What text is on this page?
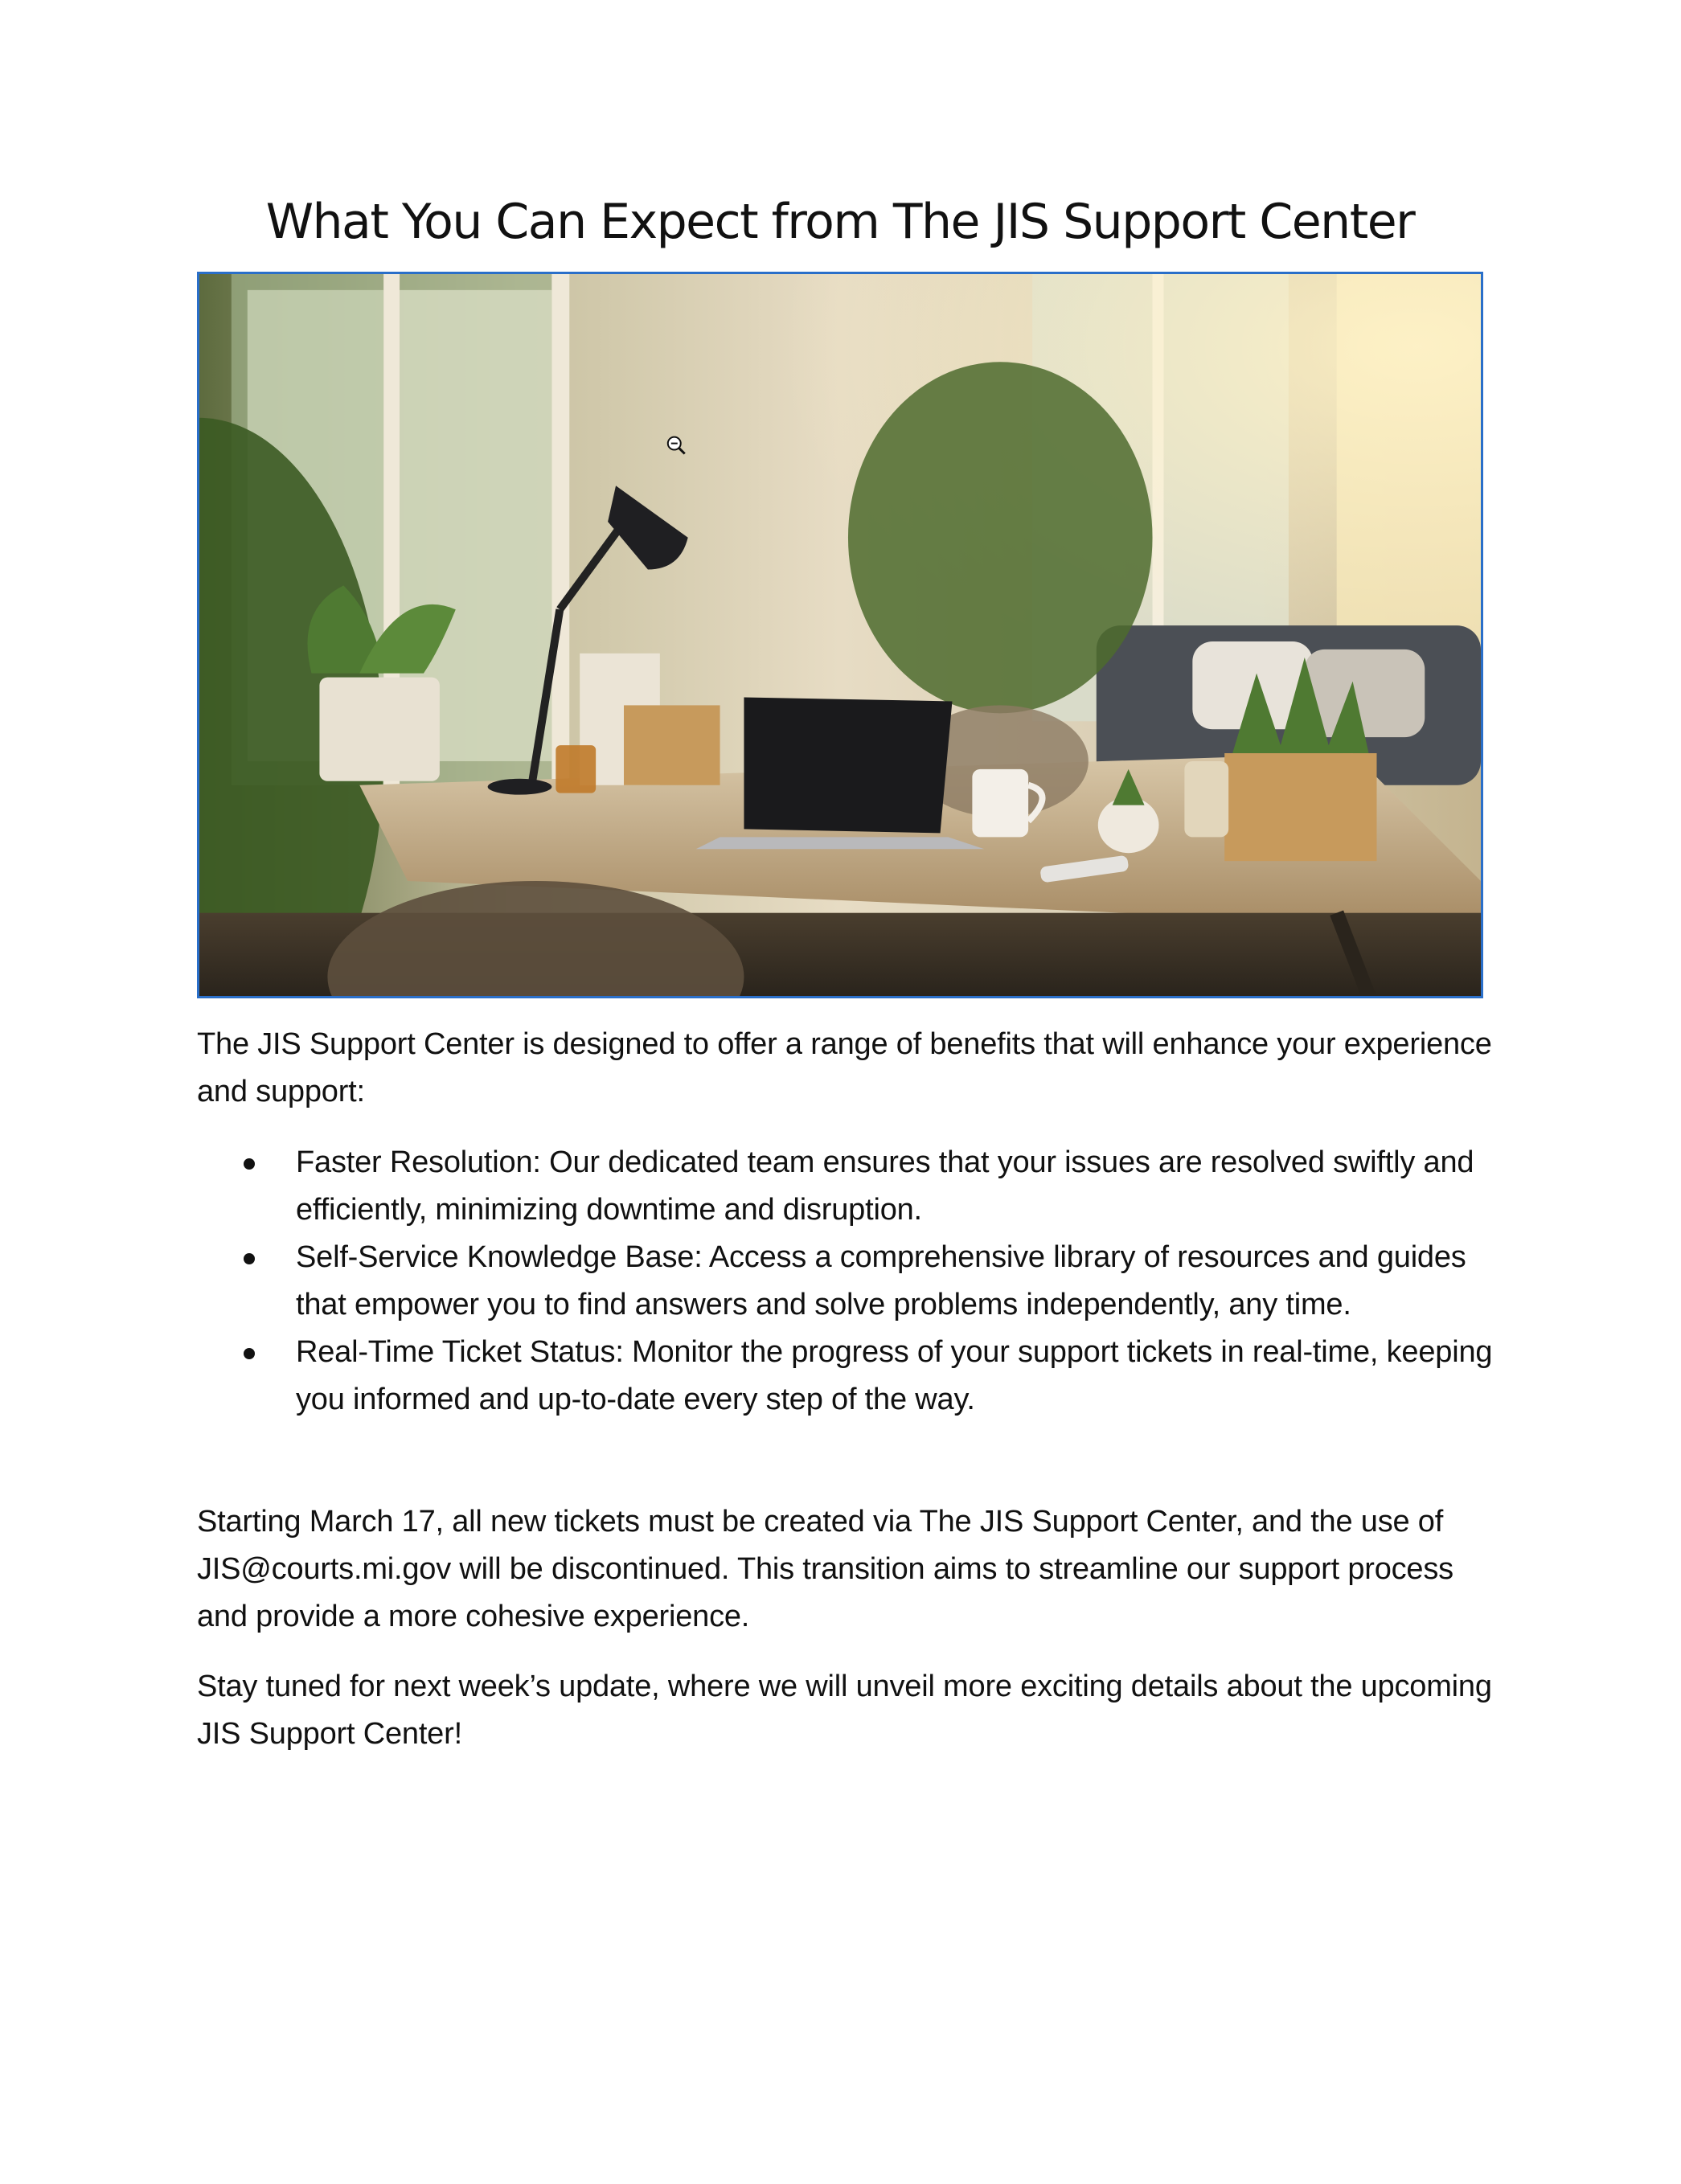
What You Can Expect from The JIS Support Center

The JIS Support Center is designed to offer a range of benefits that will enhance your experience and support:

Faster Resolution: Our dedicated team ensures that your issues are resolved swiftly and efficiently, minimizing downtime and disruption.
Self-Service Knowledge Base: Access a comprehensive library of resources and guides that empower you to find answers and solve problems independently, any time.
Real-Time Ticket Status: Monitor the progress of your support tickets in real-time, keeping you informed and up-to-date every step of the way.

Starting March 17, all new tickets must be created via The JIS Support Center, and the use of JIS@courts.mi.gov will be discontinued. This transition aims to streamline our support process and provide a more cohesive experience.

Stay tuned for next week’s update, where we will unveil more exciting details about the upcoming JIS Support Center!
